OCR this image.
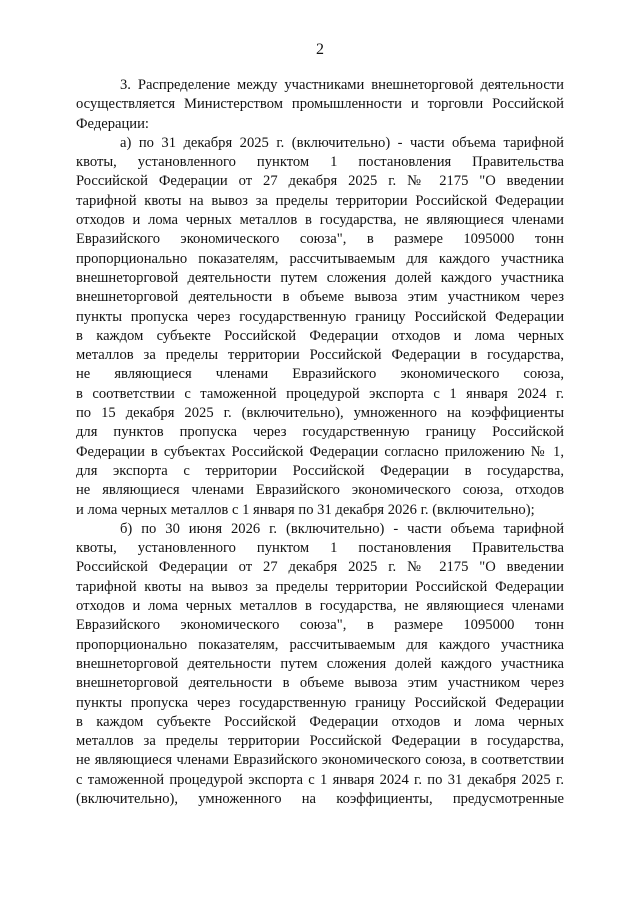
2
3. Распределение между участниками внешнеторговой деятельности
осуществляется Министерством промышленности и торговли Российской
Федерации:
а) по 31 декабря 2025 г. (включительно) - части объема тарифной
квоты, установленного пунктом 1 постановления Правительства
Российской Федерации от 27 декабря 2025 г. № 2175 "О введении
тарифной квоты на вывоз за пределы территории Российской Федерации
отходов и лома черных металлов в государства, не являющиеся членами
Евразийского экономического союза", в размере 1095000 тонн
пропорционально показателям, рассчитываемым для каждого участника
внешнеторговой деятельности путем сложения долей каждого участника
внешнеторговой деятельности в объеме вывоза этим участником через
пункты пропуска через государственную границу Российской Федерации
в каждом субъекте Российской Федерации отходов и лома черных
металлов за пределы территории Российской Федерации в государства,
не являющиеся членами Евразийского экономического союза,
в соответствии с таможенной процедурой экспорта с 1 января 2024 г.
по 15 декабря 2025 г. (включительно), умноженного на коэффициенты
для пунктов пропуска через государственную границу Российской
Федерации в субъектах Российской Федерации согласно приложению № 1,
для экспорта с территории Российской Федерации в государства,
не являющиеся членами Евразийского экономического союза, отходов
и лома черных металлов с 1 января по 31 декабря 2026 г. (включительно);
б) по 30 июня 2026 г. (включительно) - части объема тарифной
квоты, установленного пунктом 1 постановления Правительства
Российской Федерации от 27 декабря 2025 г. № 2175 "О введении
тарифной квоты на вывоз за пределы территории Российской Федерации
отходов и лома черных металлов в государства, не являющиеся членами
Евразийского экономического союза", в размере 1095000 тонн
пропорционально показателям, рассчитываемым для каждого участника
внешнеторговой деятельности путем сложения долей каждого участника
внешнеторговой деятельности в объеме вывоза этим участником через
пункты пропуска через государственную границу Российской Федерации
в каждом субъекте Российской Федерации отходов и лома черных
металлов за пределы территории Российской Федерации в государства,
не являющиеся членами Евразийского экономического союза, в соответствии
с таможенной процедурой экспорта с 1 января 2024 г. по 31 декабря 2025 г.
(включительно), умноженного на коэффициенты, предусмотренные
